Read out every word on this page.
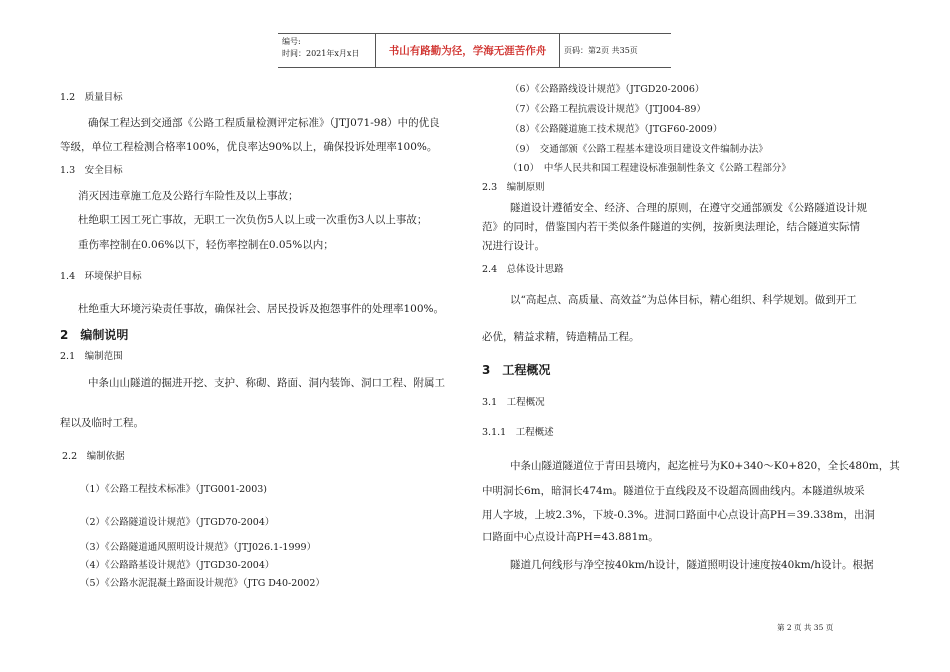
编号:
时间：2021年x月x日	书山有路勤为径，学海无涯苦作舟	页码：第2页 共35页
1.2　质量目标
确保工程达到交通部《公路工程质量检测评定标准》（JTJ071-98）中的优良
等级，单位工程检测合格率100%，优良率达90%以上，确保投诉处理率100%。
1.3　安全目标
消灭因违章施工危及公路行车险性及以上事故；
杜绝职工因工死亡事故，无职工一次负伤5人以上或一次重伤3人以上事故；
重伤率控制在0.06%以下，轻伤率控制在0.05%以内；
1.4　环境保护目标
杜绝重大环境污染责任事故，确保社会、居民投诉及抱怨事件的处理率100%。
2　编制说明
2.1　编制范围
中条山山隧道的掘进开挖、支护、称砌、路面、洞内装饰、洞口工程、附属工
程以及临时工程。
2.2　编制依据
（1）《公路工程技术标准》（JTG001-2003)
（2）《公路隧道设计规范》（JTGD70-2004）
（3）《公路隧道通风照明设计规范》（JTJ026.1-1999）
（4）《公路路基设计规范》（JTGD30-2004）
（5）《公路水泥混凝土路面设计规范》（JTG D40-2002）
（6）《公路路线设计规范》（JTGD20-2006）
（7）《公路工程抗震设计规范》（JTJ004-89）
（8）《公路隧道施工技术规范》（JTGF60-2009）
（9）　交通部颁《公路工程基本建设项目建设文件编制办法》
（10）　中华人民共和国工程建设标准强制性条文《公路工程部分》
2.3　编制原则
隧道设计遵循安全、经济、合理的原则，在遵守交通部颁发《公路隧道设计规
范》的同时，借鉴国内若干类似条件隧道的实例，按新奥法理论，结合隧道实际情
况进行设计。
2.4　总体设计思路
以“高起点、高质量、高效益”为总体目标，精心组织、科学规划。做到开工
必优，精益求精，铸造精品工程。
3　工程概况
3.1　工程概况
3.1.1　工程概述
中条山隧道隧道位于青田县境内，起迄桩号为K0+340～K0+820，全长480m，其
中明洞长6m，暗洞长474m。隧道位于直线段及不设超高圆曲线内。本隧道纵坡采
用人字坡，上坡2.3%，下坡-0.3%。进洞口路面中心点设计高PH＝39.338m，出洞
口路面中心点设计高PH=43.881m。
隧道几何线形与净空按40km/h设计，隧道照明设计速度按40km/h设计。根据
第 2 页 共 35 页
